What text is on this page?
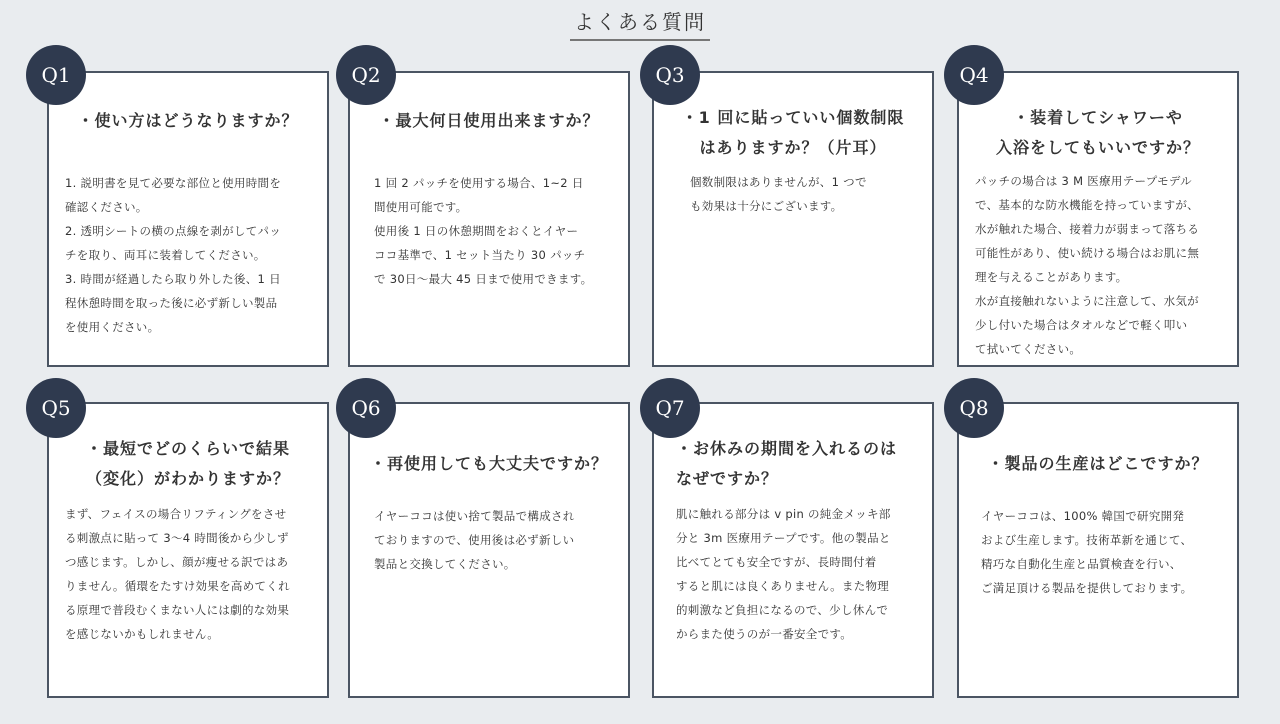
よくある質問
・使い方はどうなりますか？
1. 説明書を見て必要な部位と使用時間を
確認ください。
2. 透明シートの横の点線を剥がしてパッ
チを取り、両耳に装着してください。
3. 時間が経過したら取り外した後、1 日
程休憩時間を取った後に必ず新しい製品
を使用ください。
Q1
・最大何日使用出来ますか？
1 回 2 パッチを使用する場合、1~2 日
間使用可能です。
使用後 1 日の休憩期間をおくとイヤー
ココ基準で、1 セット当たり 30 パッチ
で 30日～最大 45 日まで使用できます。
Q2
・1 回に貼っていい個数制限
はありますか？（片耳）
個数制限はありませんが、1 つで
も効果は十分にございます。
Q3
・装着してシャワーや
入浴をしてもいいですか？
パッチの場合は 3 M 医療用テープモデル
で、基本的な防水機能を持っていますが、
水が触れた場合、接着力が弱まって落ちる
可能性があり、使い続ける場合はお肌に無
理を与えることがあります。
水が直接触れないように注意して、水気が
少し付いた場合はタオルなどで軽く叩い
て拭いてください。
Q4
・最短でどのくらいで結果
（変化）がわかりますか？
まず、フェイスの場合リフティングをさせ
る刺激点に貼って 3～4 時間後から少しず
つ感じます。しかし、顔が痩せる訳ではあ
りません。循環をたすけ効果を高めてくれ
る原理で普段むくまない人には劇的な効果
を感じないかもしれません。
Q5
・再使用しても大丈夫ですか？
イヤーココは使い捨て製品で構成され
ておりますので、使用後は必ず新しい
製品と交換してください。
Q6
・お休みの期間を入れるのは
なぜですか？
肌に触れる部分は v pin の純金メッキ部
分と 3m 医療用テープです。他の製品と
比べてとても安全ですが、長時間付着
すると肌には良くありません。また物理
的刺激など負担になるので、少し休んで
からまた使うのが一番安全です。
Q7
・製品の生産はどこですか？
イヤーココは、100% 韓国で研究開発
および生産します。技術革新を通じて、
精巧な自動化生産と品質検査を行い、
ご満足頂ける製品を提供しております。
Q8
